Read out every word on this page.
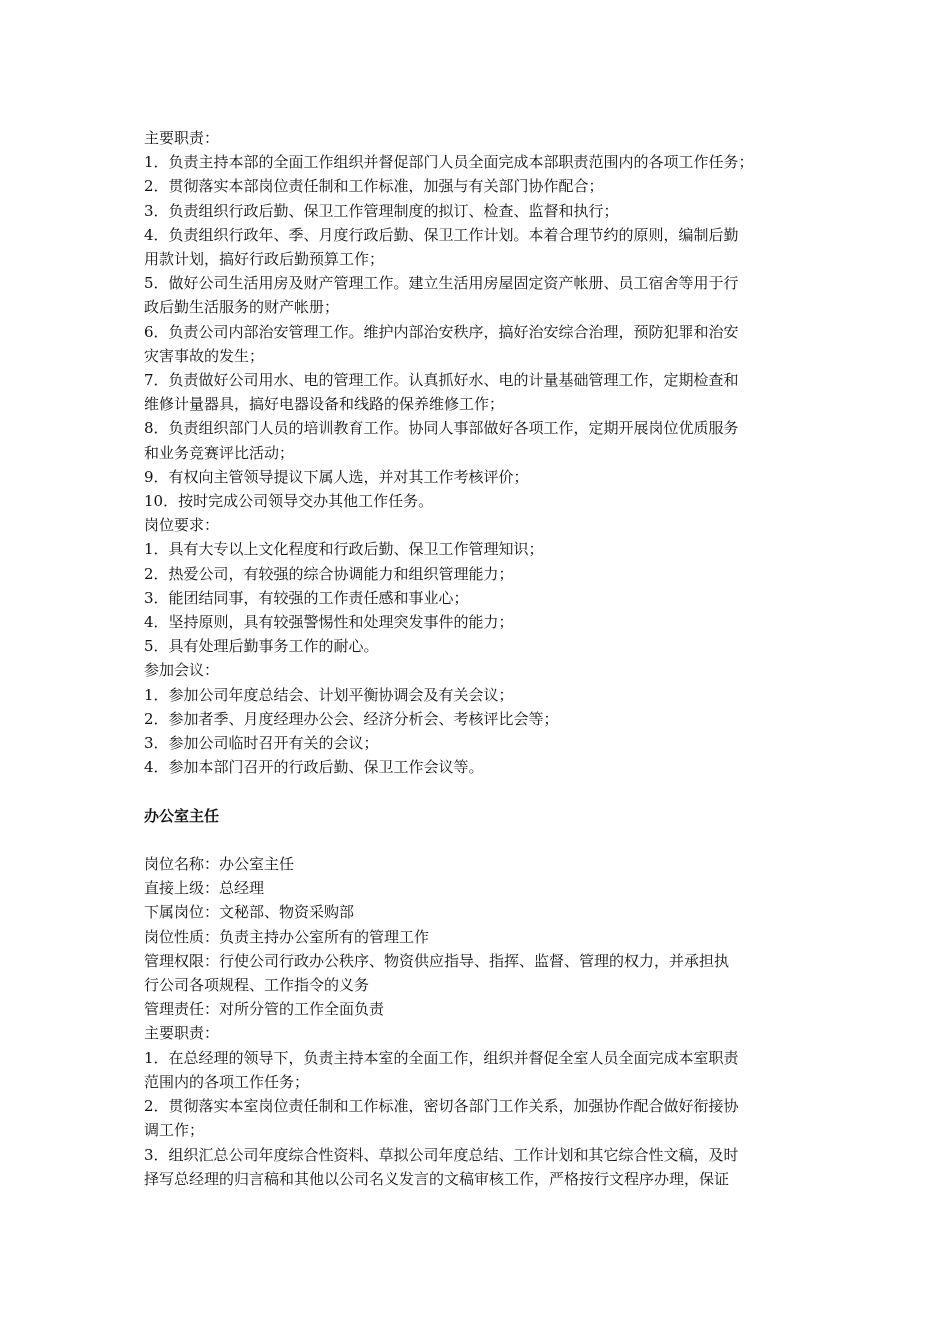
主要职责：

1．负责主持本部的全面工作组织并督促部门人员全面完成本部职责范围内的各项工作任务；

2．贯彻落实本部岗位责任制和工作标准，加强与有关部门协作配合；

3．负责组织行政后勤、保卫工作管理制度的拟订、检查、监督和执行；

4．负责组织行政年、季、月度行政后勤、保卫工作计划。本着合理节约的原则，编制后勤

用款计划，搞好行政后勤预算工作；

5．做好公司生活用房及财产管理工作。建立生活用房屋固定资产帐册、员工宿舍等用于行

政后勤生活服务的财产帐册；

6．负责公司内部治安管理工作。维护内部治安秩序，搞好治安综合治理，预防犯罪和治安

灾害事故的发生；

7．负责做好公司用水、电的管理工作。认真抓好水、电的计量基础管理工作，定期检查和

维修计量器具，搞好电器设备和线路的保养维修工作；

8．负责组织部门人员的培训教育工作。协同人事部做好各项工作，定期开展岗位优质服务

和业务竞赛评比活动；

9．有权向主管领导提议下属人选，并对其工作考核评价；

10．按时完成公司领导交办其他工作任务。

岗位要求：

1．具有大专以上文化程度和行政后勤、保卫工作管理知识；

2．热爱公司，有较强的综合协调能力和组织管理能力；

3．能团结同事，有较强的工作责任感和事业心；

4．坚持原则，具有较强警惕性和处理突发事件的能力；

5．具有处理后勤事务工作的耐心。

参加会议：

1．参加公司年度总结会、计划平衡协调会及有关会议；

2．参加者季、月度经理办公会、经济分析会、考核评比会等；

3．参加公司临时召开有关的会议；

4．参加本部门召开的行政后勤、保卫工作会议等。

办公室主任

岗位名称：办公室主任

直接上级：总经理

下属岗位：文秘部、物资采购部

岗位性质：负责主持办公室所有的管理工作

管理权限：行使公司行政办公秩序、物资供应指导、指挥、监督、管理的权力，并承担执

行公司各项规程、工作指令的义务

管理责任：对所分管的工作全面负责

主要职责：

1．在总经理的领导下，负责主持本室的全面工作，组织并督促全室人员全面完成本室职责

范围内的各项工作任务；

2．贯彻落实本室岗位责任制和工作标准，密切各部门工作关系，加强协作配合做好衔接协

调工作；

3．组织汇总公司年度综合性资料、草拟公司年度总结、工作计划和其它综合性文稿，及时

择写总经理的归言稿和其他以公司名义发言的文稿审核工作，严格按行文程序办理，保证
